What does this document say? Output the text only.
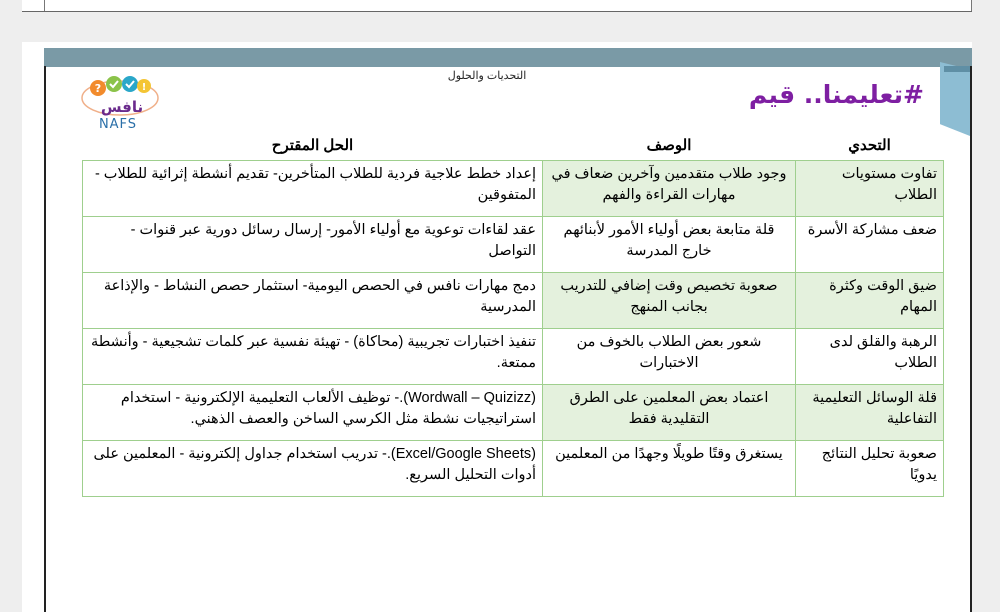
التحديات والحلول
?	!
نافس
NAFS
#تعليمنا.. قيم
التحدي	الوصف	الحل المقترح
تفاوت مستويات الطلاب	وجود طلاب متقدمين وآخرين ضعاف في مهارات القراءة والفهم	إعداد خطط علاجية فردية للطلاب المتأخرين- تقديم أنشطة إثرائية للطلاب - المتفوقين
ضعف مشاركة الأسرة	قلة متابعة بعض أولياء الأمور لأبنائهم خارج المدرسة	عقد لقاءات توعوية مع أولياء الأمور- إرسال رسائل دورية عبر قنوات - التواصل
ضيق الوقت وكثرة المهام	صعوبة تخصيص وقت إضافي للتدريب بجانب المنهج	دمج مهارات نافس في الحصص اليومية- استثمار حصص النشاط - والإذاعة المدرسية
الرهبة والقلق لدى الطلاب	شعور بعض الطلاب بالخوف من الاختبارات	تنفيذ اختبارات تجريبية (محاكاة) - تهيئة نفسية عبر كلمات تشجيعية - وأنشطة ممتعة.
قلة الوسائل التعليمية التفاعلية	اعتماد بعض المعلمين على الطرق التقليدية فقط	(Wordwall – Quizizz).- توظيف الألعاب التعليمية الإلكترونية - استخدام استراتيجيات نشطة مثل الكرسي الساخن والعصف الذهني.
صعوبة تحليل النتائج يدويًا	يستغرق وقتًا طويلًا وجهدًا من المعلمين	(Excel/Google Sheets).- تدريب استخدام جداول إلكترونية - المعلمين على أدوات التحليل السريع.
